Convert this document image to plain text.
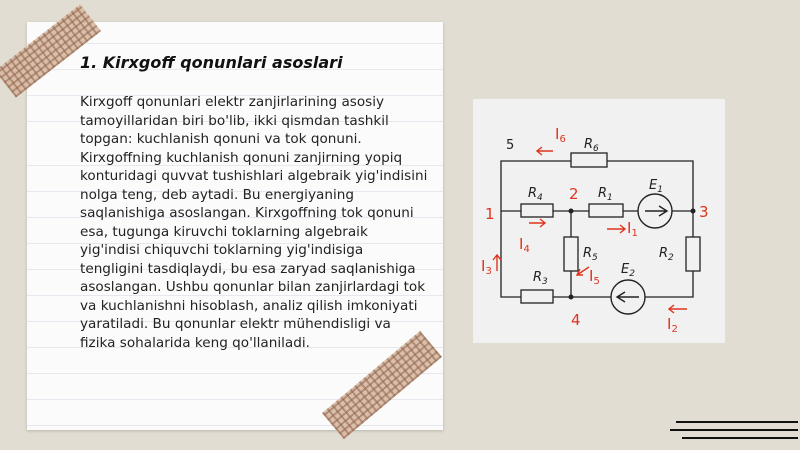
1. Kirxgoff qonunlari asoslari

Kirxgoff qonunlari elektr zanjirlarining asosiy tamoyillaridan biri bo'lib, ikki qismdan tashkil topgan: kuchlanish qonuni va tok qonuni. Kirxgoffning kuchlanish qonuni zanjirning yopiq konturidagi quvvat tushishlari algebraik yig'indisini nolga teng, deb aytadi. Bu energiyaning saqlanishiga asoslangan. Kirxgoffning tok qonuni esa, tugunga kiruvchi toklarning algebraik yig'indisi chiquvchi toklarning yig'indisiga tengligini tasdiqlaydi, bu esa zaryad saqlanishiga asoslangan. Ushbu qonunlar bilan zanjirlardagi tok va kuchlanishni hisoblash, analiz qilish imkoniyati yaratiladi. Bu qonunlar elektr mühendisligi va fizika sohalarida keng qo'llaniladi.

$R_6$
$R_4$	$R_1$
$E_1$
$R_2$
$R_5$
$R_3$
$E_2$
5
1
2
3
4
$I_6$
$I_4$
$I_1$
$I_3$	$I_5$
$I_2$
